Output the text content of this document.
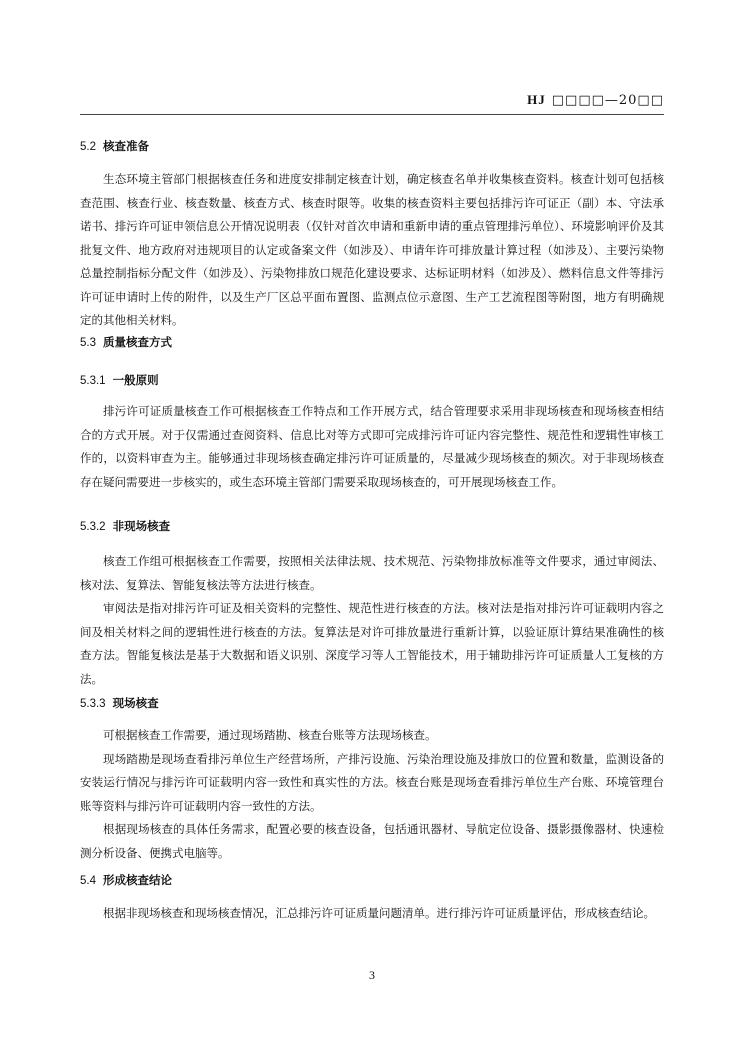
HJ □□□□—20□□
5.2 核查准备

生态环境主管部门根据核查任务和进度安排制定核查计划，确定核查名单并收集核查资料。核查计划可包括核查范围、核查行业、核查数量、核查方式、核查时限等。收集的核查资料主要包括排污许可证正（副）本、守法承诺书、排污许可证申领信息公开情况说明表（仅针对首次申请和重新申请的重点管理排污单位）、环境影响评价及其批复文件、地方政府对违规项目的认定或备案文件（如涉及）、申请年许可排放量计算过程（如涉及）、主要污染物总量控制指标分配文件（如涉及）、污染物排放口规范化建设要求、达标证明材料（如涉及）、燃料信息文件等排污许可证申请时上传的附件，以及生产厂区总平面布置图、监测点位示意图、生产工艺流程图等附图，地方有明确规定的其他相关材料。

5.3 质量核查方式
5.3.1 一般原则

排污许可证质量核查工作可根据核查工作特点和工作开展方式，结合管理要求采用非现场核查和现场核查相结合的方式开展。对于仅需通过查阅资料、信息比对等方式即可完成排污许可证内容完整性、规范性和逻辑性审核工作的，以资料审查为主。能够通过非现场核查确定排污许可证质量的，尽量减少现场核查的频次。对于非现场核查存在疑问需要进一步核实的，或生态环境主管部门需要采取现场核查的，可开展现场核查工作。

5.3.2 非现场核查

核查工作组可根据核查工作需要，按照相关法律法规、技术规范、污染物排放标准等文件要求，通过审阅法、核对法、复算法、智能复核法等方法进行核查。

审阅法是指对排污许可证及相关资料的完整性、规范性进行核查的方法。核对法是指对排污许可证载明内容之间及相关材料之间的逻辑性进行核查的方法。复算法是对许可排放量进行重新计算，以验证原计算结果准确性的核查方法。智能复核法是基于大数据和语义识别、深度学习等人工智能技术，用于辅助排污许可证质量人工复核的方法。

5.3.3 现场核查

可根据核查工作需要，通过现场踏勘、核查台账等方法现场核查。

现场踏勘是现场查看排污单位生产经营场所，产排污设施、污染治理设施及排放口的位置和数量，监测设备的安装运行情况与排污许可证载明内容一致性和真实性的方法。核查台账是现场查看排污单位生产台账、环境管理台账等资料与排污许可证载明内容一致性的方法。

根据现场核查的具体任务需求，配置必要的核查设备，包括通讯器材、导航定位设备、摄影摄像器材、快速检测分析设备、便携式电脑等。

5.4 形成核查结论

根据非现场核查和现场核查情况，汇总排污许可证质量问题清单。进行排污许可证质量评估，形成核查结论。

3
